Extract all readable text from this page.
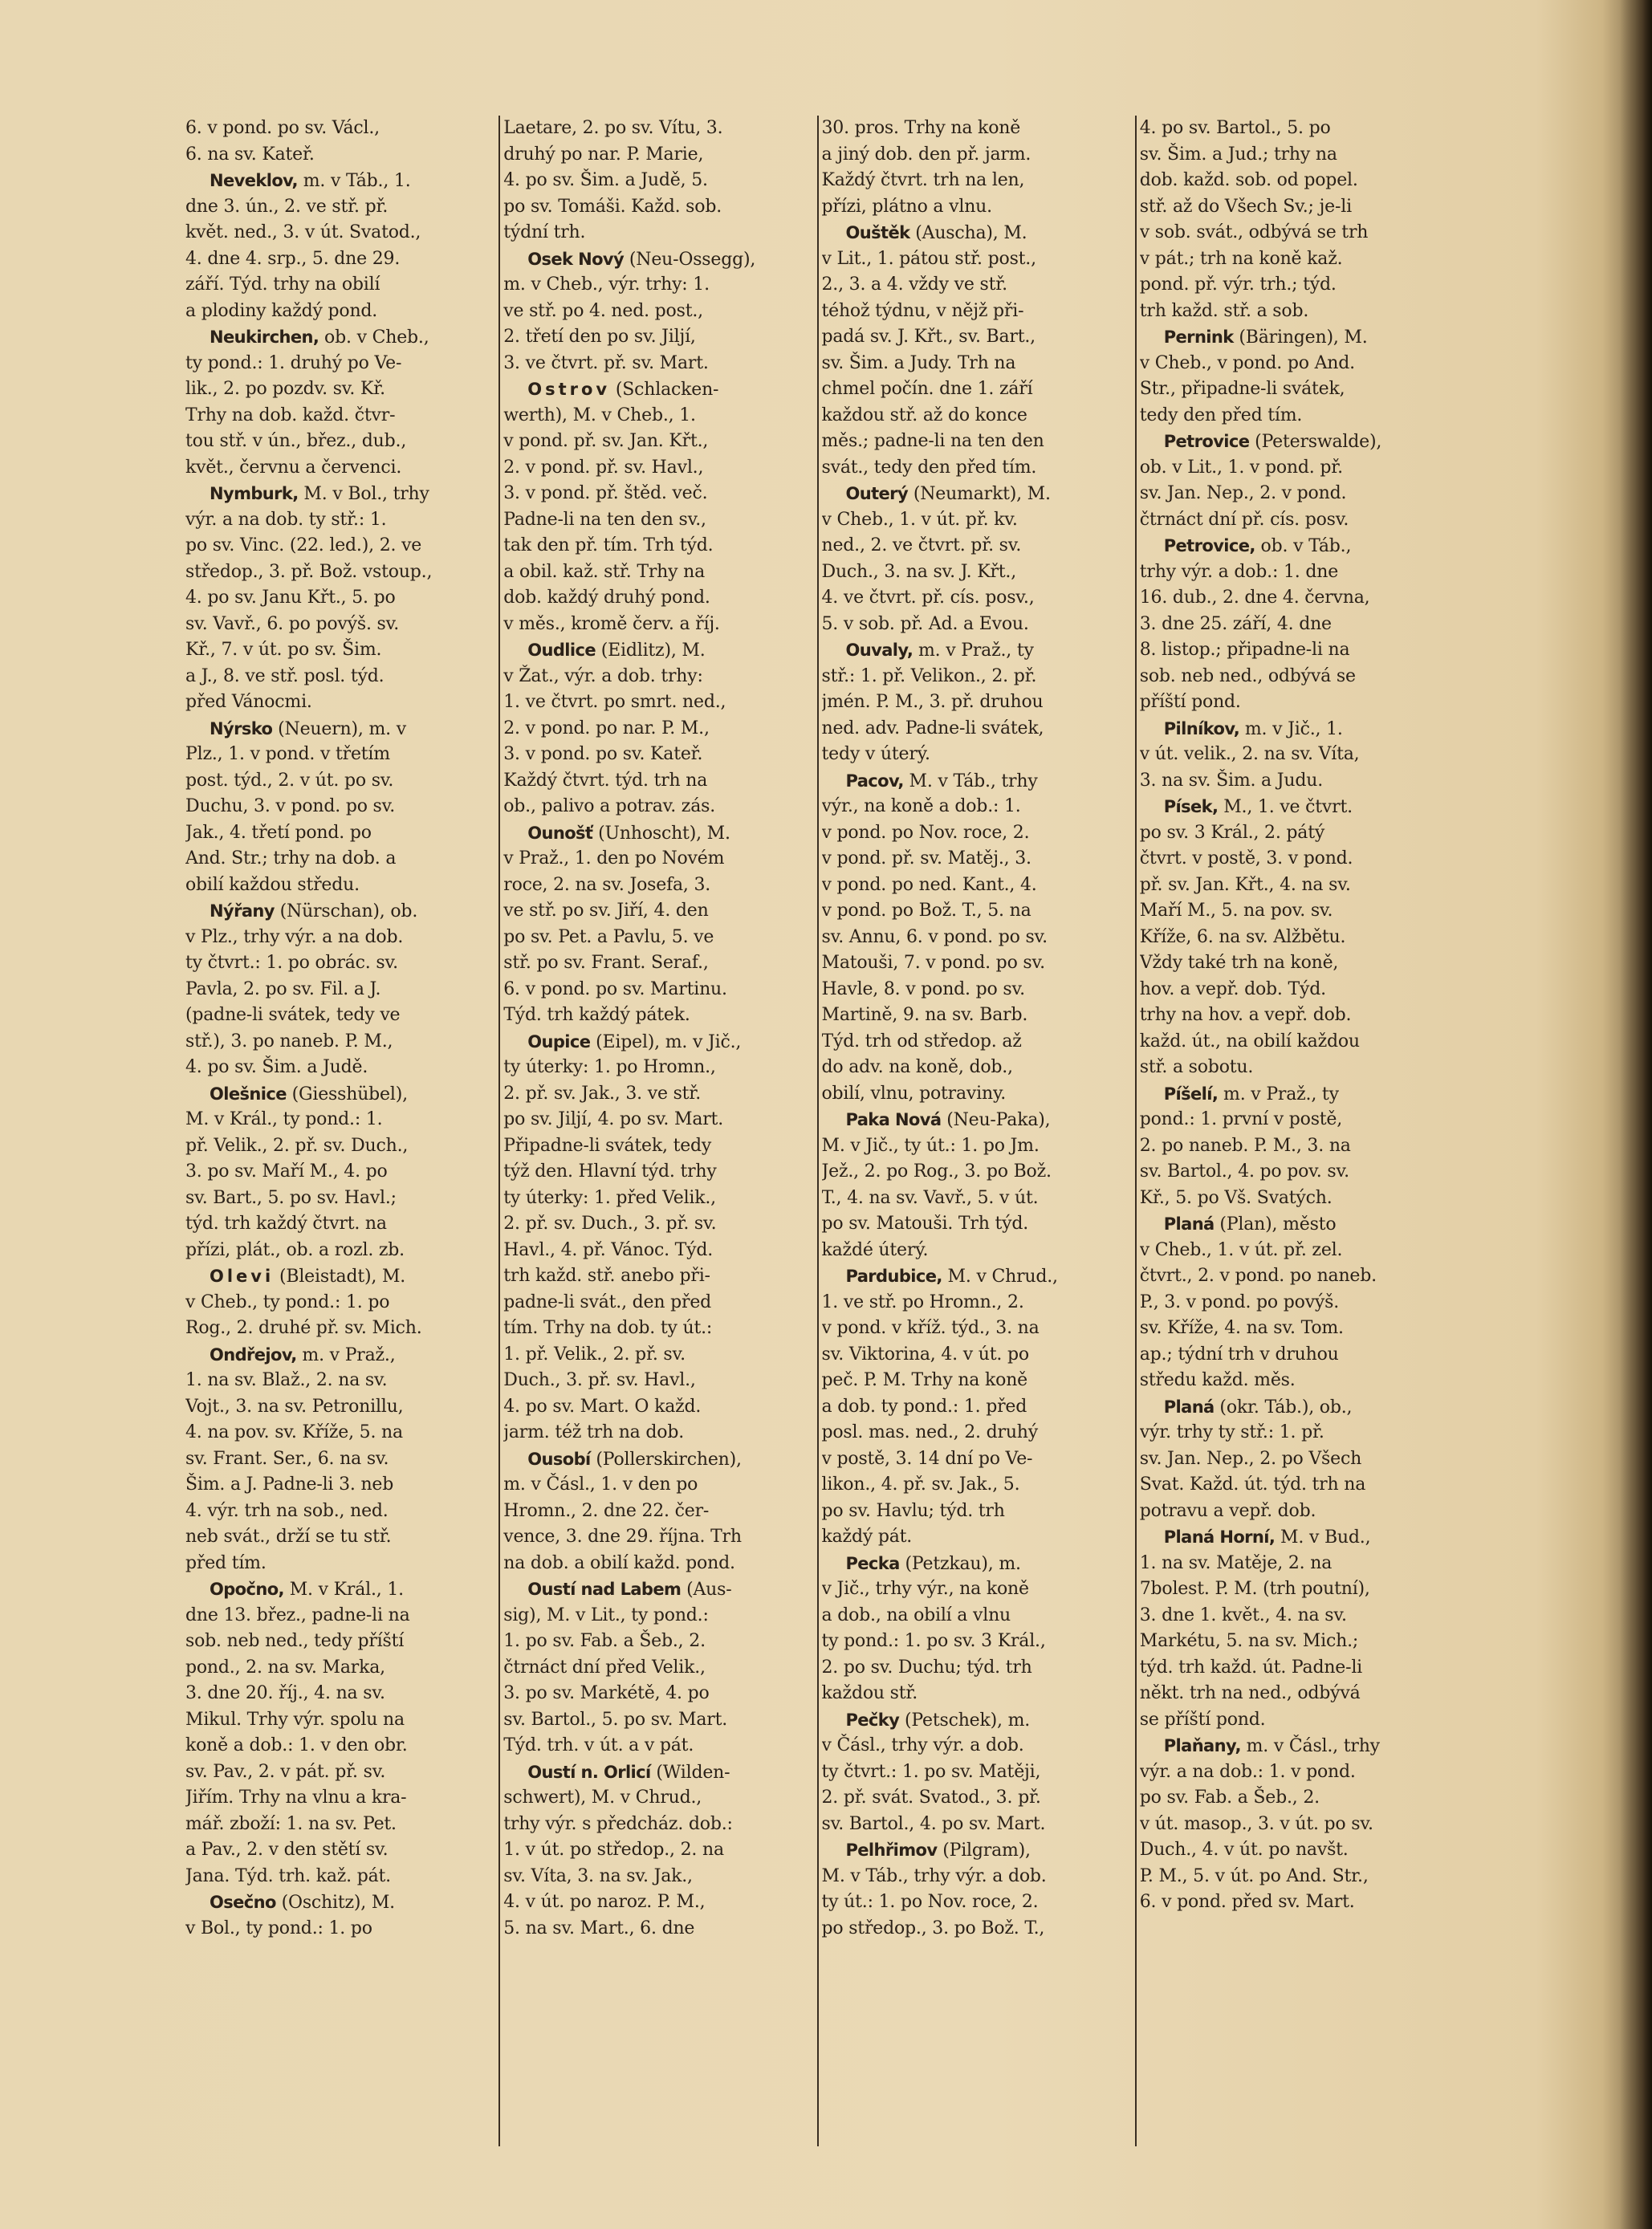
6. v pond. po sv. Václ.,
6. na sv. Kateř.
Neveklov, m. v Táb., 1.
dne 3. ún., 2. ve stř. př.
květ. ned., 3. v út. Svatod.,
4. dne 4. srp., 5. dne 29.
září. Týd. trhy na obilí
a plodiny každý pond.
Neukirchen, ob. v Cheb.,
ty pond.: 1. druhý po Ve-
lik., 2. po pozdv. sv. Kř.
Trhy na dob. každ. čtvr-
tou stř. v ún., břez., dub.,
květ., červnu a červenci.
Nymburk, M. v Bol., trhy
výr. a na dob. ty stř.: 1.
po sv. Vinc. (22. led.), 2. ve
středop., 3. př. Bož. vstoup.,
4. po sv. Janu Křt., 5. po
sv. Vavř., 6. po povýš. sv.
Kř., 7. v út. po sv. Šim.
a J., 8. ve stř. posl. týd.
před Vánocmi.
Nýrsko (Neuern), m. v
Plz., 1. v pond. v třetím
post. týd., 2. v út. po sv.
Duchu, 3. v pond. po sv.
Jak., 4. třetí pond. po
And. Str.; trhy na dob. a
obilí každou středu.
Nýřany (Nürschan), ob.
v Plz., trhy výr. a na dob.
ty čtvrt.: 1. po obrác. sv.
Pavla, 2. po sv. Fil. a J.
(padne-li svátek, tedy ve
stř.), 3. po naneb. P. M.,
4. po sv. Šim. a Judě.
Olešnice (Giesshübel),
M. v Král., ty pond.: 1.
př. Velik., 2. př. sv. Duch.,
3. po sv. Maří M., 4. po
sv. Bart., 5. po sv. Havl.;
týd. trh každý čtvrt. na
přízi, plát., ob. a rozl. zb.
Olevi (Bleistadt), M.
v Cheb., ty pond.: 1. po
Rog., 2. druhé př. sv. Mich.
Ondřejov, m. v Praž.,
1. na sv. Blaž., 2. na sv.
Vojt., 3. na sv. Petronillu,
4. na pov. sv. Kříže, 5. na
sv. Frant. Ser., 6. na sv.
Šim. a J. Padne-li 3. neb
4. výr. trh na sob., ned.
neb svát., drží se tu stř.
před tím.
Opočno, M. v Král., 1.
dne 13. břez., padne-li na
sob. neb ned., tedy příští
pond., 2. na sv. Marka,
3. dne 20. říj., 4. na sv.
Mikul. Trhy výr. spolu na
koně a dob.: 1. v den obr.
sv. Pav., 2. v pát. př. sv.
Jiřím. Trhy na vlnu a kra-
mář. zboží: 1. na sv. Pet.
a Pav., 2. v den stětí sv.
Jana. Týd. trh. kaž. pát.
Osečno (Oschitz), M.
v Bol., ty pond.: 1. po
Laetare, 2. po sv. Vítu, 3.
druhý po nar. P. Marie,
4. po sv. Šim. a Judě, 5.
po sv. Tomáši. Každ. sob.
týdní trh.
Osek Nový (Neu-Ossegg),
m. v Cheb., výr. trhy: 1.
ve stř. po 4. ned. post.,
2. třetí den po sv. Jiljí,
3. ve čtvrt. př. sv. Mart.
Ostrov (Schlacken-
werth), M. v Cheb., 1.
v pond. př. sv. Jan. Křt.,
2. v pond. př. sv. Havl.,
3. v pond. př. štěd. več.
Padne-li na ten den sv.,
tak den př. tím. Trh týd.
a obil. kaž. stř. Trhy na
dob. každý druhý pond.
v měs., kromě červ. a říj.
Oudlice (Eidlitz), M.
v Žat., výr. a dob. trhy:
1. ve čtvrt. po smrt. ned.,
2. v pond. po nar. P. M.,
3. v pond. po sv. Kateř.
Každý čtvrt. týd. trh na
ob., palivo a potrav. zás.
Ounošť (Unhoscht), M.
v Praž., 1. den po Novém
roce, 2. na sv. Josefa, 3.
ve stř. po sv. Jiří, 4. den
po sv. Pet. a Pavlu, 5. ve
stř. po sv. Frant. Seraf.,
6. v pond. po sv. Martinu.
Týd. trh každý pátek.
Oupice (Eipel), m. v Jič.,
ty úterky: 1. po Hromn.,
2. př. sv. Jak., 3. ve stř.
po sv. Jiljí, 4. po sv. Mart.
Připadne-li svátek, tedy
týž den. Hlavní týd. trhy
ty úterky: 1. před Velik.,
2. př. sv. Duch., 3. př. sv.
Havl., 4. př. Vánoc. Týd.
trh každ. stř. anebo při-
padne-li svát., den před
tím. Trhy na dob. ty út.:
1. př. Velik., 2. př. sv.
Duch., 3. př. sv. Havl.,
4. po sv. Mart. O každ.
jarm. též trh na dob.
Ousobí (Pollerskirchen),
m. v Čásl., 1. v den po
Hromn., 2. dne 22. čer-
vence, 3. dne 29. října. Trh
na dob. a obilí každ. pond.
Oustí nad Labem (Aus-
sig), M. v Lit., ty pond.:
1. po sv. Fab. a Šeb., 2.
čtrnáct dní před Velik.,
3. po sv. Markétě, 4. po
sv. Bartol., 5. po sv. Mart.
Týd. trh. v út. a v pát.
Oustí n. Orlicí (Wilden-
schwert), M. v Chrud.,
trhy výr. s předcház. dob.:
1. v út. po středop., 2. na
sv. Víta, 3. na sv. Jak.,
4. v út. po naroz. P. M.,
5. na sv. Mart., 6. dne
30. pros. Trhy na koně
a jiný dob. den př. jarm.
Každý čtvrt. trh na len,
přízi, plátno a vlnu.
Ouštěk (Auscha), M.
v Lit., 1. pátou stř. post.,
2., 3. a 4. vždy ve stř.
téhož týdnu, v nějž při-
padá sv. J. Křt., sv. Bart.,
sv. Šim. a Judy. Trh na
chmel počín. dne 1. září
každou stř. až do konce
měs.; padne-li na ten den
svát., tedy den před tím.
Outerý (Neumarkt), M.
v Cheb., 1. v út. př. kv.
ned., 2. ve čtvrt. př. sv.
Duch., 3. na sv. J. Křt.,
4. ve čtvrt. př. cís. posv.,
5. v sob. př. Ad. a Evou.
Ouvaly, m. v Praž., ty
stř.: 1. př. Velikon., 2. př.
jmén. P. M., 3. př. druhou
ned. adv. Padne-li svátek,
tedy v úterý.
Pacov, M. v Táb., trhy
výr., na koně a dob.: 1.
v pond. po Nov. roce, 2.
v pond. př. sv. Matěj., 3.
v pond. po ned. Kant., 4.
v pond. po Bož. T., 5. na
sv. Annu, 6. v pond. po sv.
Matouši, 7. v pond. po sv.
Havle, 8. v pond. po sv.
Martině, 9. na sv. Barb.
Týd. trh od středop. až
do adv. na koně, dob.,
obilí, vlnu, potraviny.
Paka Nová (Neu-Paka),
M. v Jič., ty út.: 1. po Jm.
Jež., 2. po Rog., 3. po Bož.
T., 4. na sv. Vavř., 5. v út.
po sv. Matouši. Trh týd.
každé úterý.
Pardubice, M. v Chrud.,
1. ve stř. po Hromn., 2.
v pond. v kříž. týd., 3. na
sv. Viktorina, 4. v út. po
peč. P. M. Trhy na koně
a dob. ty pond.: 1. před
posl. mas. ned., 2. druhý
v postě, 3. 14 dní po Ve-
likon., 4. př. sv. Jak., 5.
po sv. Havlu; týd. trh
každý pát.
Pecka (Petzkau), m.
v Jič., trhy výr., na koně
a dob., na obilí a vlnu
ty pond.: 1. po sv. 3 Král.,
2. po sv. Duchu; týd. trh
každou stř.
Pečky (Petschek), m.
v Čásl., trhy výr. a dob.
ty čtvrt.: 1. po sv. Matěji,
2. př. svát. Svatod., 3. př.
sv. Bartol., 4. po sv. Mart.
Pelhřimov (Pilgram),
M. v Táb., trhy výr. a dob.
ty út.: 1. po Nov. roce, 2.
po středop., 3. po Bož. T.,
4. po sv. Bartol., 5. po
sv. Šim. a Jud.; trhy na
dob. každ. sob. od popel.
stř. až do Všech Sv.; je-li
v sob. svát., odbývá se trh
v pát.; trh na koně kaž.
pond. př. výr. trh.; týd.
trh každ. stř. a sob.
Pernink (Bäringen), M.
v Cheb., v pond. po And.
Str., připadne-li svátek,
tedy den před tím.
Petrovice (Peterswalde),
ob. v Lit., 1. v pond. př.
sv. Jan. Nep., 2. v pond.
čtrnáct dní př. cís. posv.
Petrovice, ob. v Táb.,
trhy výr. a dob.: 1. dne
16. dub., 2. dne 4. června,
3. dne 25. září, 4. dne
8. listop.; připadne-li na
sob. neb ned., odbývá se
příští pond.
Pilníkov, m. v Jič., 1.
v út. velik., 2. na sv. Víta,
3. na sv. Šim. a Judu.
Písek, M., 1. ve čtvrt.
po sv. 3 Král., 2. pátý
čtvrt. v postě, 3. v pond.
př. sv. Jan. Křt., 4. na sv.
Maří M., 5. na pov. sv.
Kříže, 6. na sv. Alžbětu.
Vždy také trh na koně,
hov. a vepř. dob. Týd.
trhy na hov. a vepř. dob.
každ. út., na obilí každou
stř. a sobotu.
Píšelí, m. v Praž., ty
pond.: 1. první v postě,
2. po naneb. P. M., 3. na
sv. Bartol., 4. po pov. sv.
Kř., 5. po Vš. Svatých.
Planá (Plan), město
v Cheb., 1. v út. př. zel.
čtvrt., 2. v pond. po naneb.
P., 3. v pond. po povýš.
sv. Kříže, 4. na sv. Tom.
ap.; týdní trh v druhou
středu každ. měs.
Planá (okr. Táb.), ob.,
výr. trhy ty stř.: 1. př.
sv. Jan. Nep., 2. po Všech
Svat. Každ. út. týd. trh na
potravu a vepř. dob.
Planá Horní, M. v Bud.,
1. na sv. Matěje, 2. na
7bolest. P. M. (trh poutní),
3. dne 1. květ., 4. na sv.
Markétu, 5. na sv. Mich.;
týd. trh každ. út. Padne-li
někt. trh na ned., odbývá
se příští pond.
Plaňany, m. v Čásl., trhy
výr. a na dob.: 1. v pond.
po sv. Fab. a Šeb., 2.
v út. masop., 3. v út. po sv.
Duch., 4. v út. po navšt.
P. M., 5. v út. po And. Str.,
6. v pond. před sv. Mart.
